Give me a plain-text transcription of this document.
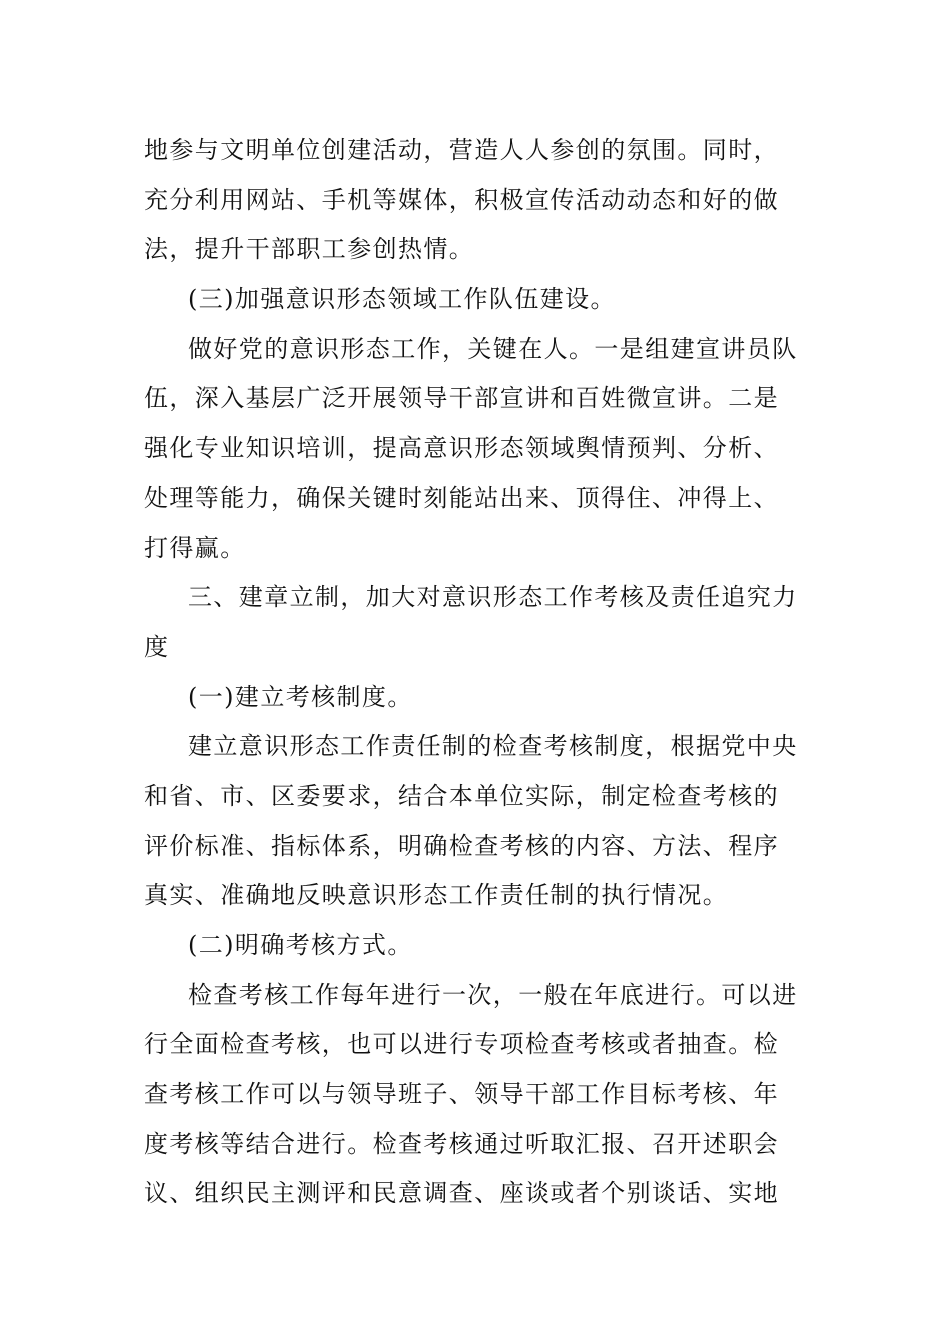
地参与文明单位创建活动，营造人人参创的氛围。同时，
充分利用网站、手机等媒体，积极宣传活动动态和好的做
法，提升干部职工参创热情。
(三)加强意识形态领域工作队伍建设。
做好党的意识形态工作，关键在人。一是组建宣讲员队
伍，深入基层广泛开展领导干部宣讲和百姓微宣讲。二是
强化专业知识培训，提高意识形态领域舆情预判、分析、
处理等能力，确保关键时刻能站出来、顶得住、冲得上、
打得赢。
三、建章立制，加大对意识形态工作考核及责任追究力
度
(一)建立考核制度。
建立意识形态工作责任制的检查考核制度，根据党中央
和省、市、区委要求，结合本单位实际，制定检查考核的
评价标准、指标体系，明确检查考核的内容、方法、程序
真实、准确地反映意识形态工作责任制的执行情况。
(二)明确考核方式。
检查考核工作每年进行一次，一般在年底进行。可以进
行全面检查考核，也可以进行专项检查考核或者抽查。检
查考核工作可以与领导班子、领导干部工作目标考核、年
度考核等结合进行。检查考核通过听取汇报、召开述职会
议、组织民主测评和民意调查、座谈或者个别谈话、实地
